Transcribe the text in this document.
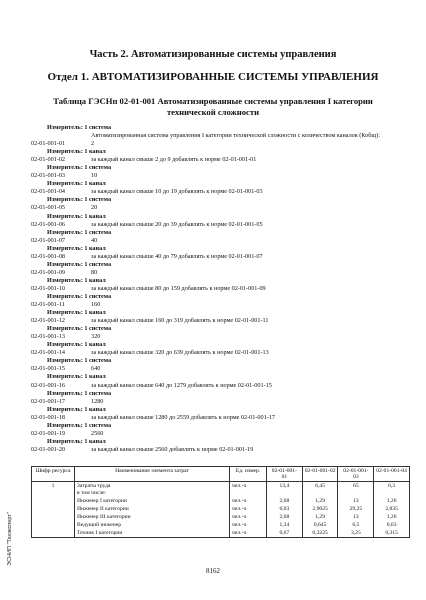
Часть 2. Автоматизированные системы управления
Отдел 1. АВТОМАТИЗИРОВАННЫЕ СИСТЕМЫ УПРАВЛЕНИЯ
Таблица ГЭСНп 02-01-001 Автоматизированные системы управления I категории
технической сложности
Измеритель: 1 система
Автоматизированная система управления I категории технической сложности с количеством каналов (Кобщ):
02-01-001-01	2
Измеритель: 1 канал
02-01-001-02	за каждый канал свыше 2 до 9 добавлять к норме 02-01-001-01
Измеритель: 1 система
02-01-001-03	10
Измеритель: 1 канал
02-01-001-04	за каждый канал свыше 10 до 19 добавлять к норме 02-01-001-03
Измеритель: 1 система
02-01-001-05	20
Измеритель: 1 канал
02-01-001-06	за каждый канал свыше 20 до 39 добавлять к норме 02-01-001-05
Измеритель: 1 система
02-01-001-07	40
Измеритель: 1 канал
02-01-001-08	за каждый канал свыше 40 до 79 добавлять к норме 02-01-001-07
Измеритель: 1 система
02-01-001-09	80
Измеритель: 1 канал
02-01-001-10	за каждый канал свыше 80 до 159 добавлять к норме 02-01-001-09
Измеритель: 1 система
02-01-001-11	160
Измеритель: 1 канал
02-01-001-12	за каждый канал свыше 160 до 319 добавлять к норме 02-01-001-11
Измеритель: 1 система
02-01-001-13	320
Измеритель: 1 канал
02-01-001-14	за каждый канал свыше 320 до 639 добавлять к норме 02-01-001-13
Измеритель: 1 система
02-01-001-15	640
Измеритель: 1 канал
02-01-001-16	за каждый канал свыше 640 до 1279 добавлять к норме 02-01-001-15
Измеритель: 1 система
02-01-001-17	1280
Измеритель: 1 канал
02-01-001-18	за каждый канал свыше 1280 до 2559 добавлять к норме 02-01-001-17
Измеритель: 1 система
02-01-001-19	2560
Измеритель: 1 канал
02-01-001-20	за каждый канал свыше 2560 добавлять к норме 02-01-001-19
Шифр ресурса	Наименование элемента затрат	Ед. измер.	02-01-001-01	02-01-001-02	02-01-001-03	02-01-001-04
1	Затраты труда	чел.-ч	13,4	6,45	65	6,3
	в том числе:					
	Инженер I категории	чел.-ч	2,68	1,29	13	1,26
	Инженер II категории	чел.-ч	6,03	2,9025	29,25	2,835
	Инженер III категории	чел.-ч	2,68	1,29	13	1,26
	Ведущий инженер	чел.-ч	1,34	0,645	6,5	0,63
	Техник I категории	чел.-ч	0,67	0,3225	3,25	0,315
ЭСНИП "Техэксперт"
8162
